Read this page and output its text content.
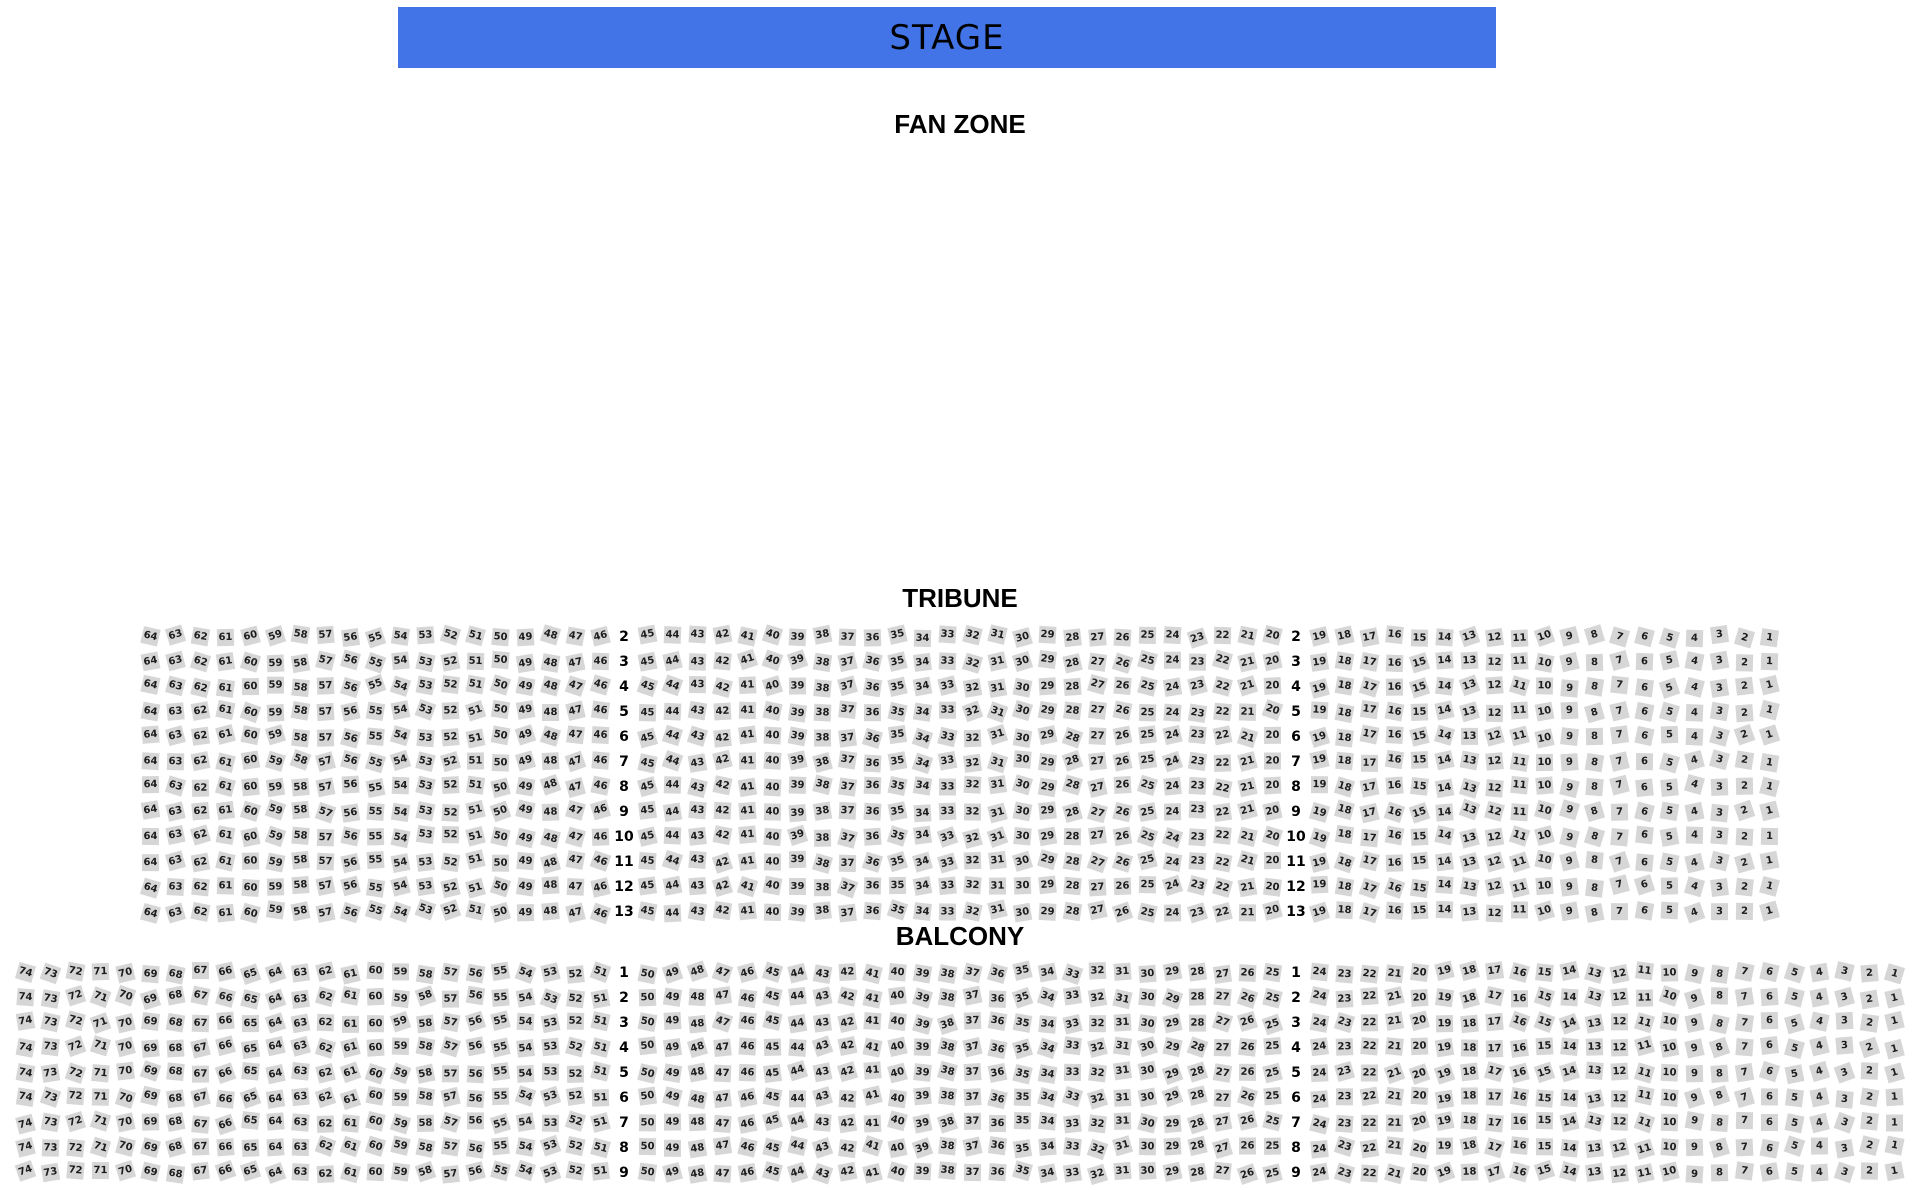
STAGE
FAN ZONE
TRIBUNE
64 63 62 61 60 59 58 57 56 55 54 53 52 51 50 49 48 47 46 2	45 44 43 42 41 40 39 38 37 36 35 34 33 32 31 30 29 28 27 26 25 24 23 22 21 20 2	19 18 17 16 15 14 13 12 11 10	9	8	7	6	5	4	3	2	1
64 63 62 61 60 59 58 57 56 55 54 53 52 51 50 49 48 47 46 3	45 44 43 42 41 40 39 38 37 36 35 34 33 32 31 30 29 28 27 26 25 24 23 22 21 20 3	19 18 17 16 15 14 13 12 11 10	9	8	7	6	5	4	3	2	1
64 63 62 61 60 59 58 57 56 55 54 53 52 51 50 49 48 47 46 4	45 44 43 42 41 40 39 38 37 36 35 34 33 32 31 30 29 28 27 26 25 24 23 22 21 20 4	19 18 17 16 15 14 13 12 11 10	9	8	7	6	5	4	3	2	1
64 63 62 61 60 59 58 57 56 55 54 53 52 51 50 49 48 47 46 5	45 44 43 42 41 40 39 38 37 36 35 34 33 32 31 30 29 28 27 26 25 24 23 22 21 20 5	19 18 17 16 15 14 13 12 11 10	9	8	7	6	5	4	3	2	1
64 63 62 61 60 59 58 57 56 55 54 53 52 51 50 49 48 47 46 6	45 44 43 42 41 40 39 38 37 36 35 34 33 32 31 30 29 28 27 26 25 24 23 22 21 20 6	19 18 17 16 15 14 13 12 11 10	9	8	7	6	5	4	3	2	1
64 63 62 61 60 59 58 57 56 55 54 53 52 51 50 49 48 47 46 7	45 44 43 42 41 40 39 38 37 36 35 34 33 32 31 30 29 28 27 26 25 24 23 22 21 20 7	19 18 17 16 15 14 13 12 11 10	9	8	7	6	5	4	3	2	1
64 63 62 61 60 59 58 57 56 55 54 53 52 51 50 49 48 47 46 8	45 44 43 42 41 40 39 38 37 36 35 34 33 32 31 30 29 28 27 26 25 24 23 22 21 20 8	19 18 17 16 15 14 13 12 11 10	9	8	7	6	5	4	3	2	1
64 63 62 61 60 59 58 57 56 55 54 53 52 51 50 49 48 47 46 9	45 44 43 42 41 40 39 38 37 36 35 34 33 32 31 30 29 28 27 26 25 24 23 22 21 20 9	19 18 17 16 15 14 13 12 11 10	9	8	7	6	5	4	3	2	1
64 63 62 61 60 59 58 57 56 55 54 53 52 51 50 49 48 47 46 10 45 44 43 42 41 40 39 38 37 36 35 34 33 32 31 30 29 28 27 26 25 24 23 22 21 20 10 19 18 17 16 15 14 13 12 11 10	9	8	7	6	5	4	3	2	1
64 63 62 61 60 59 58 57 56 55 54 53 52 51 50 49 48 47 46 11 45 44 43 42 41 40 39 38 37 36 35 34 33 32 31 30 29 28 27 26 25 24 23 22 21 20 11 19 18 17 16 15 14 13 12 11 10	9	8	7	6	5	4	3	2	1
64 63 62 61 60 59 58 57 56 55 54 53 52 51 50 49 48 47 46 12 45 44 43 42 41 40 39 38 37 36 35 34 33 32 31 30 29 28 27 26 25 24 23 22 21 20 12 19 18 17 16 15 14 13 12 11 10	9	8	7	6	5	4	3	2	1
64 63 62 61 60 59 58 57 56 55 54 53 52 51 50 49 48 47 46 13 45 44 43 42 41 40 39 38 37 36 35 34 33 32 31 30 29 28 27 26 25 24 23 22 21 20 13 19 18 17 16 15 14 13 12 11 10	9	8	7	6	5	4	3	2	1
BALCONY
74 73 72 71 70 69 68 67 66 65 64 63 62 61 60 59 58 57 56 55 54 53 52 51 1	50 49 48 47 46 45 44 43 42 41 40 39 38 37 36 35 34 33 32 31 30 29 28 27 26 25 1	24 23 22 21 20 19 18 17 16 15 14 13 12 11 10	9	8	7	6	5	4	3	2	1
74 73 72 71 70 69 68 67 66 65 64 63 62 61 60 59 58 57 56 55 54 53 52 51 2	50 49 48 47 46 45 44 43 42 41 40 39 38 37 36 35 34 33 32 31 30 29 28 27 26 25 2	24 23 22 21 20 19 18 17 16 15 14 13 12 11 10	9	8	7	6	5	4	3	2	1
74 73 72 71 70 69 68 67 66 65 64 63 62 61 60 59 58 57 56 55 54 53 52 51 3	50 49 48 47 46 45 44 43 42 41 40 39 38 37 36 35 34 33 32 31 30 29 28 27 26 25 3	24 23 22 21 20 19 18 17 16 15 14 13 12 11 10	9	8	7	6	5	4	3	2	1
74 73 72 71 70 69 68 67 66 65 64 63 62 61 60 59 58 57 56 55 54 53 52 51 4	50 49 48 47 46 45 44 43 42 41 40 39 38 37 36 35 34 33 32 31 30 29 28 27 26 25 4	24 23 22 21 20 19 18 17 16 15 14 13 12 11 10	9	8	7	6	5	4	3	2	1
74 73 72 71 70 69 68 67 66 65 64 63 62 61 60 59 58 57 56 55 54 53 52 51 5	50 49 48 47 46 45 44 43 42 41 40 39 38 37 36 35 34 33 32 31 30 29 28 27 26 25 5	24 23 22 21 20 19 18 17 16 15 14 13 12 11 10	9	8	7	6	5	4	3	2	1
74 73 72 71 70 69 68 67 66 65 64 63 62 61 60 59 58 57 56 55 54 53 52 51 6	50 49 48 47 46 45 44 43 42 41 40 39 38 37 36 35 34 33 32 31 30 29 28 27 26 25 6	24 23 22 21 20 19 18 17 16 15 14 13 12 11 10	9	8	7	6	5	4	3	2	1
74 73 72 71 70 69 68 67 66 65 64 63 62 61 60 59 58 57 56 55 54 53 52 51 7	50 49 48 47 46 45 44 43 42 41 40 39 38 37 36 35 34 33 32 31 30 29 28 27 26 25 7	24 23 22 21 20 19 18 17 16 15 14 13 12 11 10	9	8	7	6	5	4	3	2	1
74 73 72 71 70 69 68 67 66 65 64 63 62 61 60 59 58 57 56 55 54 53 52 51 8	50 49 48 47 46 45 44 43 42 41 40 39 38 37 36 35 34 33 32 31 30 29 28 27 26 25 8	24 23 22 21 20 19 18 17 16 15 14 13 12 11 10	9	8	7	6	5	4	3	2	1
74 73 72 71 70 69 68 67 66 65 64 63 62 61 60 59 58 57 56 55 54 53 52 51 9	50 49 48 47 46 45 44 43 42 41 40 39 38 37 36 35 34 33 32 31 30 29 28 27 26 25 9	24 23 22 21 20 19 18 17 16 15 14 13 12 11 10	9	8	7	6	5	4	3	2	1
